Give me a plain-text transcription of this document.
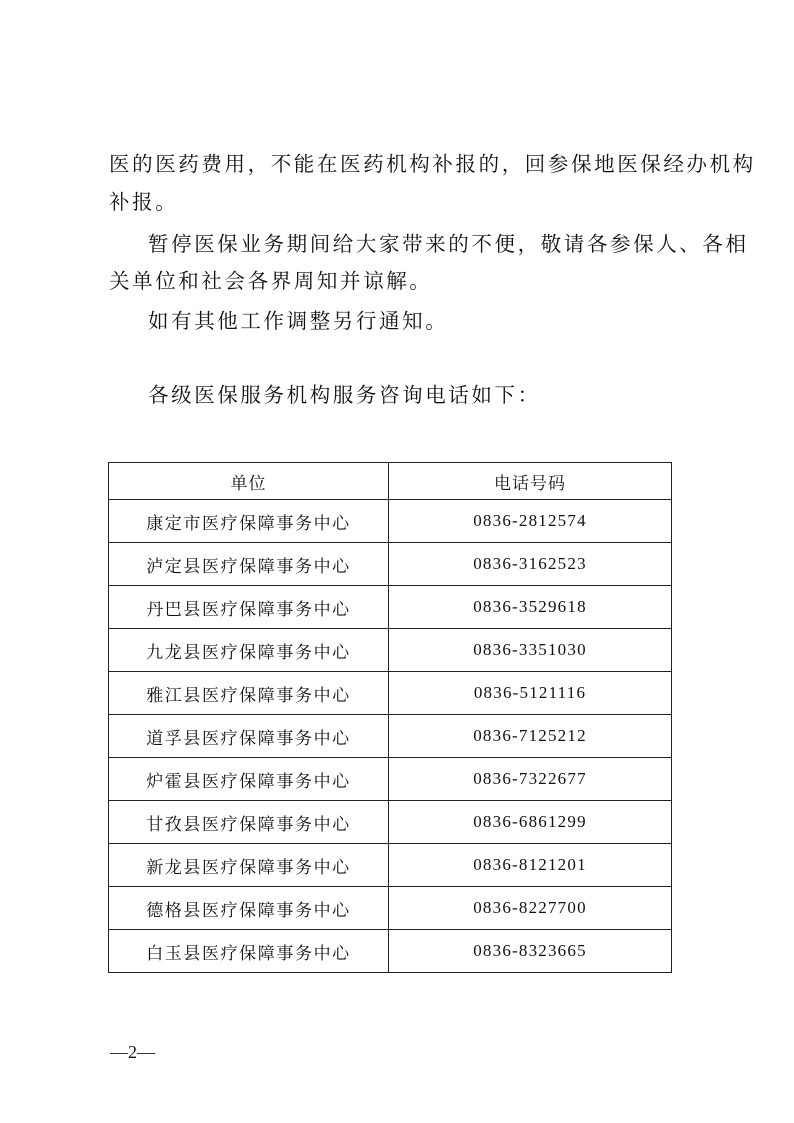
医的医药费用，不能在医药机构补报的，回参保地医保经办机构

补报。

暂停医保业务期间给大家带来的不便，敬请各参保人、各相

关单位和社会各界周知并谅解。

如有其他工作调整另行通知。

各级医保服务机构服务咨询电话如下：

单位	电话号码
康定市医疗保障事务中心	0836-2812574
泸定县医疗保障事务中心	0836-3162523
丹巴县医疗保障事务中心	0836-3529618
九龙县医疗保障事务中心	0836-3351030
雅江县医疗保障事务中心	0836-5121116
道孚县医疗保障事务中心	0836-7125212
炉霍县医疗保障事务中心	0836-7322677
甘孜县医疗保障事务中心	0836-6861299
新龙县医疗保障事务中心	0836-8121201
德格县医疗保障事务中心	0836-8227700
白玉县医疗保障事务中心	0836-8323665
—2—
